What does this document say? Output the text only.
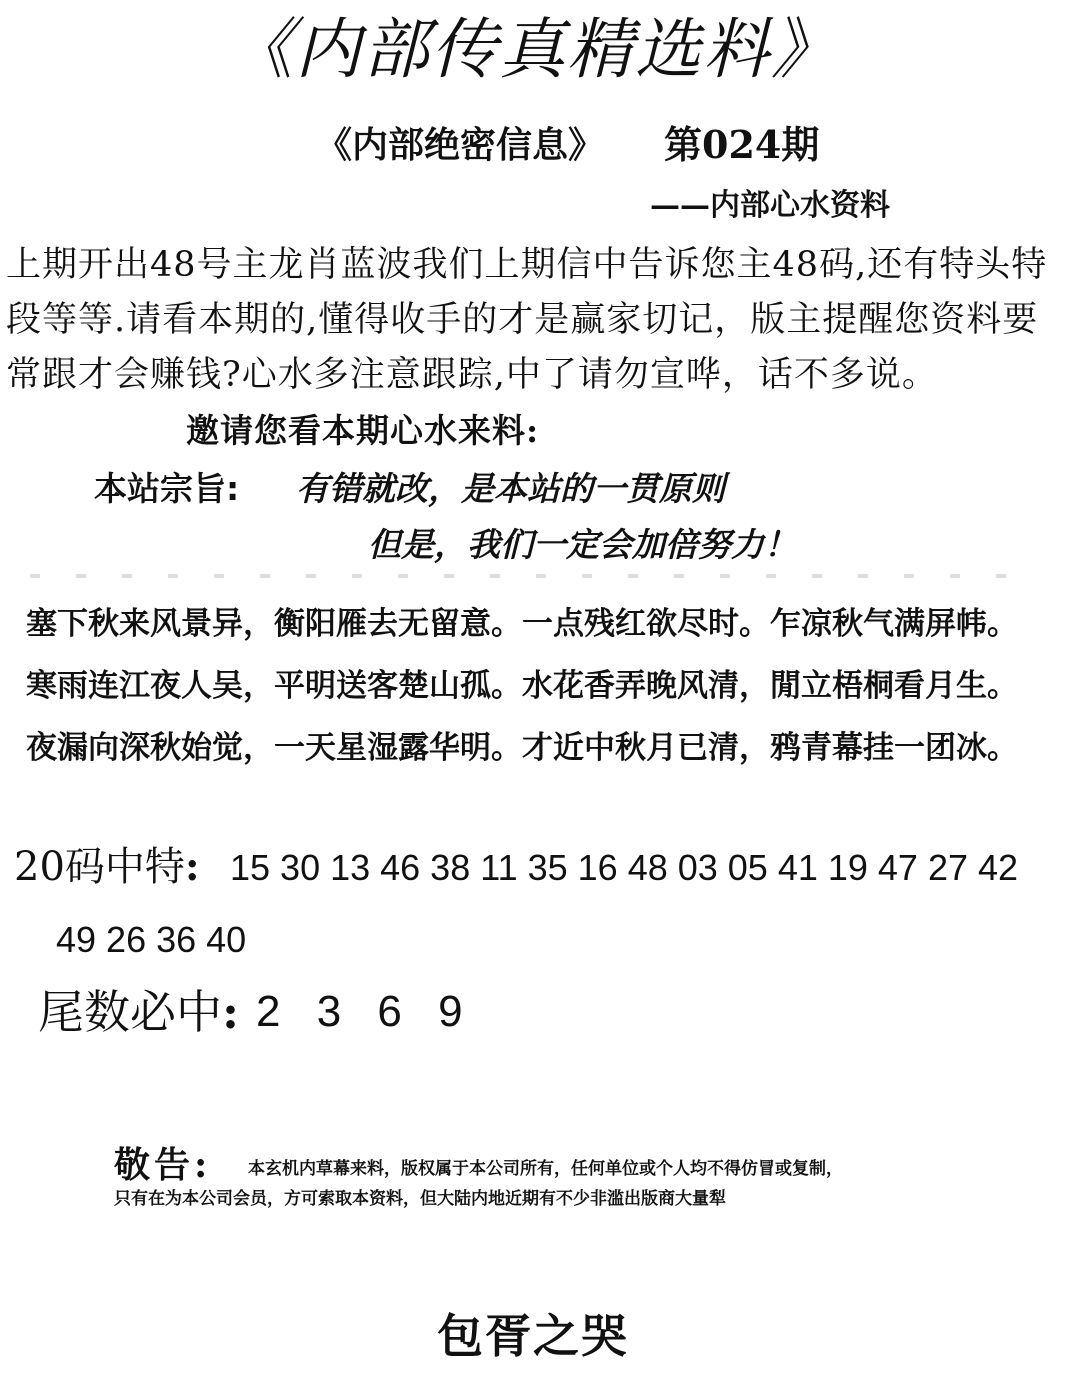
《内部传真精选料》
《内部绝密信息》 第024期
——内部心水资料
上期开出48号主龙肖蓝波我们上期信中告诉您主48码,还有特头特段等等.请看本期的,懂得收手的才是赢家切记，版主提醒您资料要常跟才会赚钱?心水多注意跟踪,中了请勿宣哗，话不多说。邀请您看本期心水来料:
本站宗旨: 有错就改，是本站的一贯原则
但是，我们一定会加倍努力！
塞下秋来风景异，衡阳雁去无留意。一点残红欲尽时。乍凉秋气满屏帏。
寒雨连江夜人吴，平明送客楚山孤。水花香弄晚风清，閒立梧桐看月生。
夜漏向深秋始觉，一天星湿露华明。才近中秋月已清，鸦青幕挂一团冰。
20码中特: 15 30 13 46 38 11 35 16 48 03 05 41 19 47 27 42
49 26 36 40
尾数必中: 2 3 6 9
敬告: 本玄机内草幕来料，版权属于本公司所有，任何单位或个人均不得仿冒或复制，
只有在为本公司会员，方可索取本资料，但大陆内地近期有不少非滥出版商大量犁
包胥之哭
